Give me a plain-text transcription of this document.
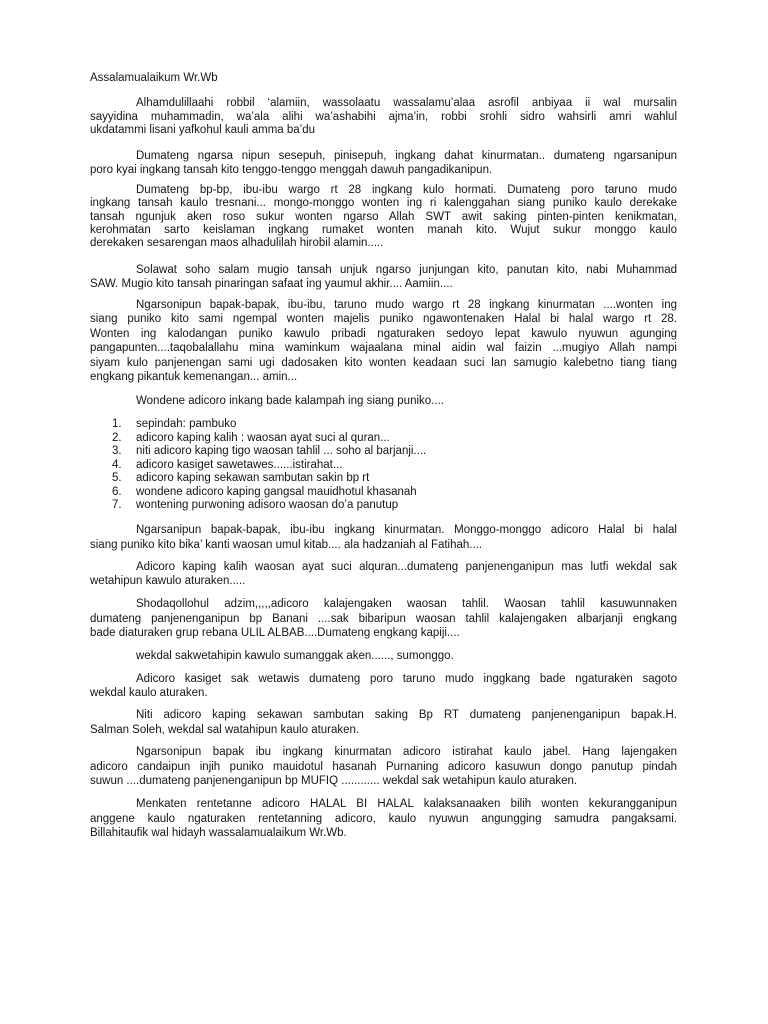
Assalamualaikum Wr.Wb
Alhamdulillaahi robbil ‘alamiin, wassolaatu wassalamu’alaa asrofil anbiyaa ii wal mursalin
sayyidina muhammadin, wa’ala alihi wa’ashabihi ajma’in, robbi srohli sidro wahsirli amri wahlul
ukdatammi lisani yafkohul kauli amma ba’du
Dumateng ngarsa nipun sesepuh, pinisepuh, ingkang dahat kinurmatan.. dumateng ngarsanipun
poro kyai ingkang tansah kito tenggo-tenggo menggah dawuh pangadikanipun.
Dumateng bp-bp, ibu-ibu wargo rt 28 ingkang kulo hormati. Dumateng poro taruno mudo
ingkang tansah kaulo tresnani... mongo-monggo wonten ing ri kalenggahan siang puniko kaulo derekake
tansah ngunjuk aken roso sukur wonten ngarso Allah SWT awit saking pinten-pinten kenikmatan,
kerohmatan sarto keislaman ingkang rumaket wonten manah kito. Wujut sukur monggo kaulo
derekaken sesarengan maos alhadulilah hirobil alamin.....
Solawat soho salam mugio tansah unjuk ngarso junjungan kito, panutan kito, nabi Muhammad
SAW. Mugio kito tansah pinaringan safaat ing yaumul akhir.... Aamiin....
Ngarsonipun bapak-bapak, ibu-ibu, taruno mudo wargo rt 28 ingkang kinurmatan ....wonten ing
siang puniko kito sami ngempal wonten majelis puniko ngawontenaken Halal bi halal wargo rt 28.
Wonten ing kalodangan puniko kawulo pribadi ngaturaken sedoyo lepat kawulo nyuwun agunging
pangapunten....taqobalallahu mina waminkum wajaalana minal aidin wal faizin ...mugiyo Allah nampi
siyam kulo panjenengan sami ugi dadosaken kito wonten keadaan suci lan samugio kalebetno tiang tiang
engkang pikantuk kemenangan... amin...
Wondene adicoro inkang bade kalampah ing siang puniko....
1. sepindah: pambuko
2. adicoro kaping kalih : waosan ayat suci al quran...
3. niti adicoro kaping tigo waosan tahlil ... soho al barjanji....
4. adicoro kasiget sawetawes......istirahat...
5. adicoro kaping sekawan sambutan sakin bp rt
6. wondene adicoro kaping gangsal mauidhotul khasanah
7. wontening purwoning adisoro waosan do’a panutup
Ngarsanipun bapak-bapak, ibu-ibu ingkang kinurmatan. Monggo-monggo adicoro Halal bi halal
siang puniko kito bika’ kanti waosan umul kitab.... ala hadzaniah al Fatihah....
Adicoro kaping kalih waosan ayat suci alquran...dumateng panjenenganipun mas lutfi wekdal sak
wetahipun kawulo aturaken.....
Shodaqollohul adzim,,,,,adicoro kalajengaken waosan tahlil. Waosan tahlil kasuwunnaken
dumateng panjenenganipun bp Banani ....sak bibaripun waosan tahlil kalajengaken albarjanji engkang
bade diaturaken grup rebana ULIL ALBAB....Dumateng engkang kapiji....
wekdal sakwetahipin kawulo sumanggak aken......, sumonggo.
Adicoro kasiget sak wetawis dumateng poro taruno mudo inggkang bade ngaturaken sagoto
wekdal kaulo aturaken.
Niti adicoro kaping sekawan sambutan saking Bp RT dumateng panjenenganipun bapak.H.
Salman Soleh, wekdal sal watahipun kaulo aturaken.
Ngarsonipun bapak ibu ingkang kinurmatan adicoro istirahat kaulo jabel. Hang lajengaken
adicoro candaipun injih puniko mauidotul hasanah Purnaning adicoro kasuwun dongo panutup pindah
suwun ....dumateng panjenenganipun bp MUFIQ ............ wekdal sak wetahipun kaulo aturaken.
Menkaten rentetanne adicoro HALAL BI HALAL kalaksanaaken bilih wonten kekurangganipun
anggene kaulo ngaturaken rentetanning adicoro, kaulo nyuwun angungging samudra pangaksami.
Billahitaufik wal hidayh wassalamualaikum Wr.Wb.
